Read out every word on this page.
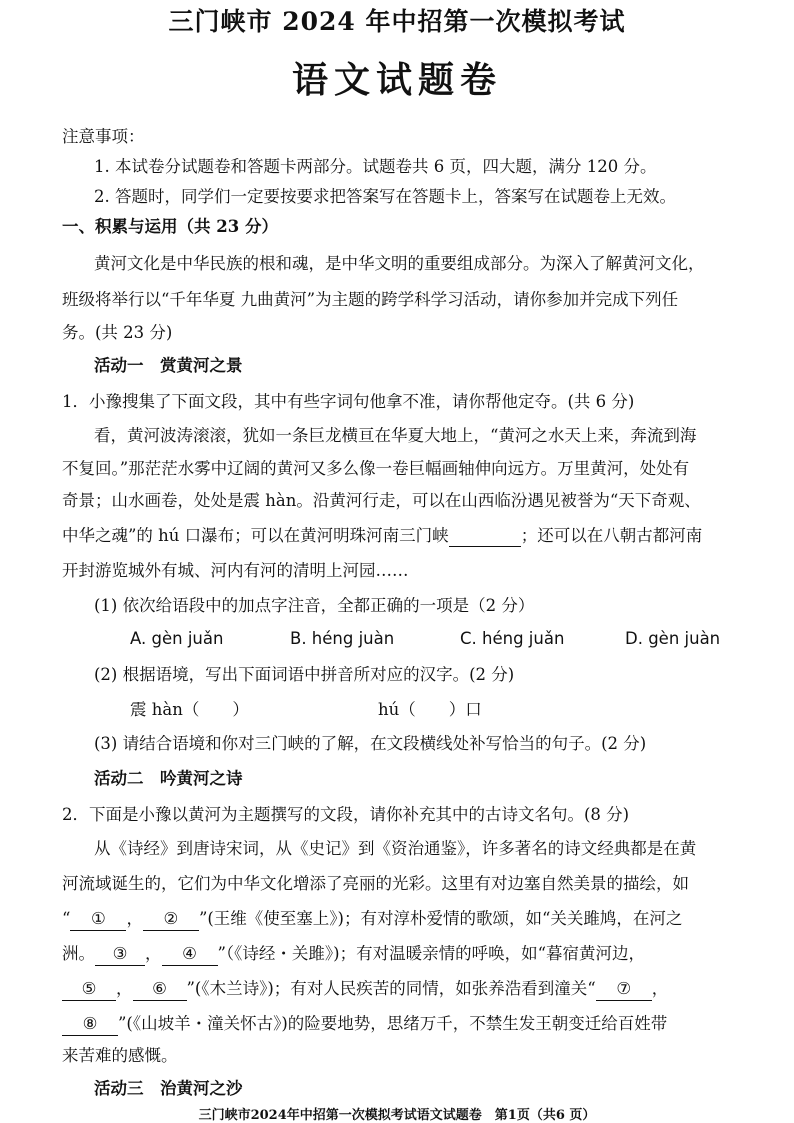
三门峡市 2024 年中招第一次模拟考试
语文试题卷
注意事项：
1. 本试卷分试题卷和答题卡两部分。试题卷共 6 页，四大题，满分 120 分。
2. 答题时，同学们一定要按要求把答案写在答题卡上，答案写在试题卷上无效。
一、积累与运用（共 23 分）
黄河文化是中华民族的根和魂，是中华文明的重要组成部分。为深入了解黄河文化，
班级将举行以“千年华夏 九曲黄河”为主题的跨学科学习活动，请你参加并完成下列任
务。(共 23 分)
活动一　赏黄河之景
1．小豫搜集了下面文段，其中有些字词句他拿不准，请你帮他定夺。(共 6 分)
看，黄河波涛滚滚，犹如一条巨龙横亘在华夏大地上，“黄河之水天上来，奔流到海
不复回。”那茫茫水雾中辽阔的黄河又多么像一卷巨幅画轴伸向远方。万里黄河，处处有
奇景；山水画卷，处处是震 hàn。沿黄河行走，可以在山西临汾遇见被誉为“天下奇观、
中华之魂”的 hú 口瀑布；可以在黄河明珠河南三门峡	；还可以在八朝古都河南
开封游览城外有城、河内有河的清明上河园……
(1) 依次给语段中的加点字注音，全都正确的一项是（2 分）
A. gèn juǎn	B. héng juàn	C. héng juǎn	D. gèn juàn
(2) 根据语境，写出下面词语中拼音所对应的汉字。(2 分)
震 hàn（　　）	hú（　　）口
(3) 请结合语境和你对三门峡的了解，在文段横线处补写恰当的句子。(2 分)
活动二　吟黄河之诗
2．下面是小豫以黄河为主题撰写的文段，请你补充其中的古诗文名句。(8 分)
从《诗经》到唐诗宋词，从《史记》到《资治通鉴》，许多著名的诗文经典都是在黄
河流域诞生的，它们为中华文化增添了亮丽的光彩。这里有对边塞自然美景的描绘，如
“ ① ， ② ”(王维《使至塞上》)；有对淳朴爱情的歌颂，如“关关雎鸠，在河之
洲。 ③ ， ④ ”（《诗经・关雎》)；有对温暖亲情的呼唤，如“暮宿黄河边，
⑤ ， ⑥ ”(《木兰诗》)；有对人民疾苦的同情，如张养浩看到潼关“ ⑦ ，
⑧ ”(《山坡羊・潼关怀古》)的险要地势，思绪万千，不禁生发王朝变迁给百姓带
来苦难的感慨。
活动三　治黄河之沙
三门峡市2024年中招第一次模拟考试语文试题卷　第1页（共6 页）
